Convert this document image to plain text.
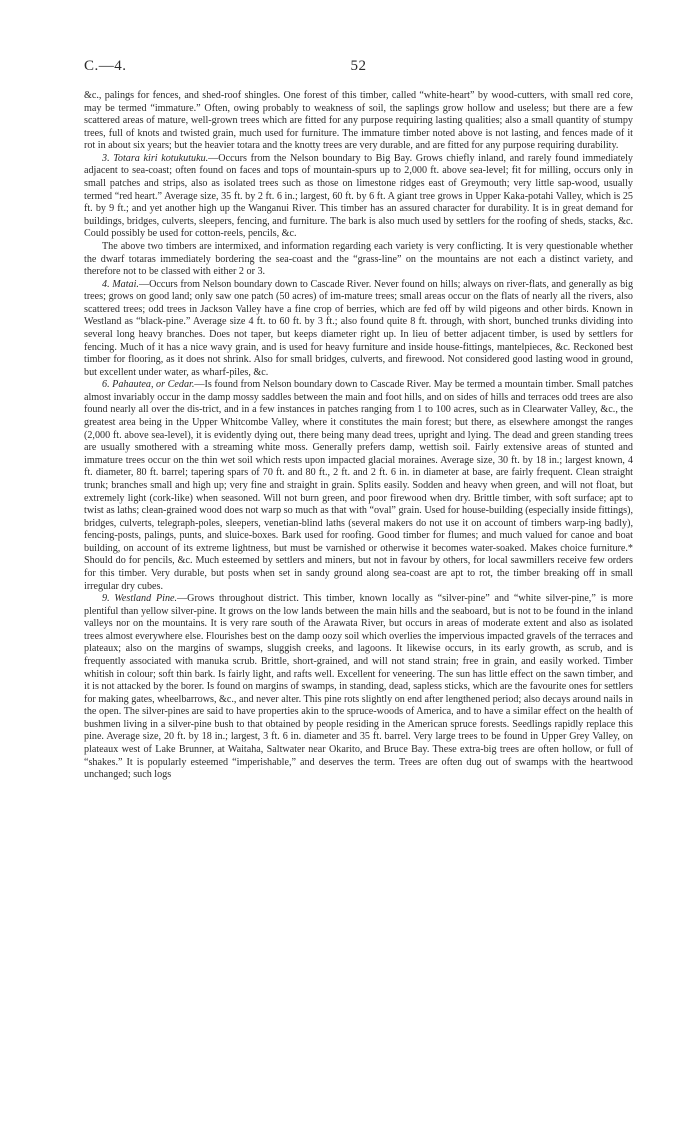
C.—4.	52

&c., palings for fences, and shed-roof shingles. One forest of this timber, called “white-heart” by wood-cutters, with small red core, may be termed “immature.” Often, owing probably to weakness of soil, the saplings grow hollow and useless; but there are a few scattered areas of mature, well-grown trees which are fitted for any purpose requiring lasting qualities; also a small quantity of stumpy trees, full of knots and twisted grain, much used for furniture. The immature timber noted above is not lasting, and fences made of it rot in about six years; but the heavier totara and the knotty trees are very durable, and are fitted for any purpose requiring durability.

3. Totara kiri kotukutuku.—Occurs from the Nelson boundary to Big Bay. Grows chiefly inland, and rarely found immediately adjacent to sea-coast; often found on faces and tops of mountain-spurs up to 2,000 ft. above sea-level; fit for milling, occurs only in small patches and strips, also as isolated trees such as those on limestone ridges east of Greymouth; very little sap-wood, usually termed “red heart.” Average size, 35 ft. by 2 ft. 6 in.; largest, 60 ft. by 6 ft. A giant tree grows in Upper Kaka-potahi Valley, which is 25 ft. by 9 ft.; and yet another high up the Wanganui River. This timber has an assured character for durability. It is in great demand for buildings, bridges, culverts, sleepers, fencing, and furniture. The bark is also much used by settlers for the roofing of sheds, stacks, &c. Could possibly be used for cotton-reels, pencils, &c.

The above two timbers are intermixed, and information regarding each variety is very conflicting. It is very questionable whether the dwarf totaras immediately bordering the sea-coast and the “grass-line” on the mountains are not each a distinct variety, and therefore not to be classed with either 2 or 3.

4. Matai.—Occurs from Nelson boundary down to Cascade River. Never found on hills; always on river-flats, and generally as big trees; grows on good land; only saw one patch (50 acres) of im-mature trees; small areas occur on the flats of nearly all the rivers, also scattered trees; odd trees in Jackson Valley have a fine crop of berries, which are fed off by wild pigeons and other birds. Known in Westland as “black-pine.” Average size 4 ft. to 60 ft. by 3 ft.; also found quite 8 ft. through, with short, bunched trunks dividing into several long heavy branches. Does not taper, but keeps diameter right up. In lieu of better adjacent timber, is used by settlers for fencing. Much of it has a nice wavy grain, and is used for heavy furniture and inside house-fittings, mantelpieces, &c. Reckoned best timber for flooring, as it does not shrink. Also for small bridges, culverts, and firewood. Not considered good lasting wood in ground, but excellent under water, as wharf-piles, &c.

6. Pahautea, or Cedar.—Is found from Nelson boundary down to Cascade River. May be termed a mountain timber. Small patches almost invariably occur in the damp mossy saddles between the main and foot hills, and on sides of hills and terraces odd trees are also found nearly all over the dis-trict, and in a few instances in patches ranging from 1 to 100 acres, such as in Clearwater Valley, &c., the greatest area being in the Upper Whitcombe Valley, where it constitutes the main forest; but there, as elsewhere amongst the ranges (2,000 ft. above sea-level), it is evidently dying out, there being many dead trees, upright and lying. The dead and green standing trees are usually smothered with a streaming white moss. Generally prefers damp, wettish soil. Fairly extensive areas of stunted and immature trees occur on the thin wet soil which rests upon impacted glacial moraines. Average size, 30 ft. by 18 in.; largest known, 4 ft. diameter, 80 ft. barrel; tapering spars of 70 ft. and 80 ft., 2 ft. and 2 ft. 6 in. in diameter at base, are fairly frequent. Clean straight trunk; branches small and high up; very fine and straight in grain. Splits easily. Sodden and heavy when green, and will not float, but extremely light (cork-like) when seasoned. Will not burn green, and poor firewood when dry. Brittle timber, with soft surface; apt to twist as laths; clean-grained wood does not warp so much as that with “oval” grain. Used for house-building (especially inside fittings), bridges, culverts, telegraph-poles, sleepers, venetian-blind laths (several makers do not use it on account of timbers warp-ing badly), fencing-posts, palings, punts, and sluice-boxes. Bark used for roofing. Good timber for flumes; and much valued for canoe and boat building, on account of its extreme lightness, but must be varnished or otherwise it becomes water-soaked. Makes choice furniture.* Should do for pencils, &c. Much esteemed by settlers and miners, but not in favour by others, for local sawmillers receive few orders for this timber. Very durable, but posts when set in sandy ground along sea-coast are apt to rot, the timber breaking off in small irregular dry cubes.

9. Westland Pine.—Grows throughout district. This timber, known locally as “silver-pine” and “white silver-pine,” is more plentiful than yellow silver-pine. It grows on the low lands between the main hills and the seaboard, but is not to be found in the inland valleys nor on the mountains. It is very rare south of the Arawata River, but occurs in areas of moderate extent and also as isolated trees almost everywhere else. Flourishes best on the damp oozy soil which overlies the impervious impacted gravels of the terraces and plateaux; also on the margins of swamps, sluggish creeks, and lagoons. It likewise occurs, in its early growth, as scrub, and is frequently associated with manuka scrub. Brittle, short-grained, and will not stand strain; free in grain, and easily worked. Timber whitish in colour; soft thin bark. Is fairly light, and rafts well. Excellent for veneering. The sun has little effect on the sawn timber, and it is not attacked by the borer. Is found on margins of swamps, in standing, dead, sapless sticks, which are the favourite ones for settlers for making gates, wheelbarrows, &c., and never alter. This pine rots slightly on end after lengthened period; also decays around nails in the open. The silver-pines are said to have properties akin to the spruce-woods of America, and to have a similar effect on the health of bushmen living in a silver-pine bush to that obtained by people residing in the American spruce forests. Seedlings rapidly replace this pine. Average size, 20 ft. by 18 in.; largest, 3 ft. 6 in. diameter and 35 ft. barrel. Very large trees to be found in Upper Grey Valley, on plateaux west of Lake Brunner, at Waitaha, Saltwater near Okarito, and Bruce Bay. These extra-big trees are often hollow, or full of “shakes.” It is popularly esteemed “imperishable,” and deserves the term. Trees are often dug out of swamps with the heartwood unchanged; such logs
